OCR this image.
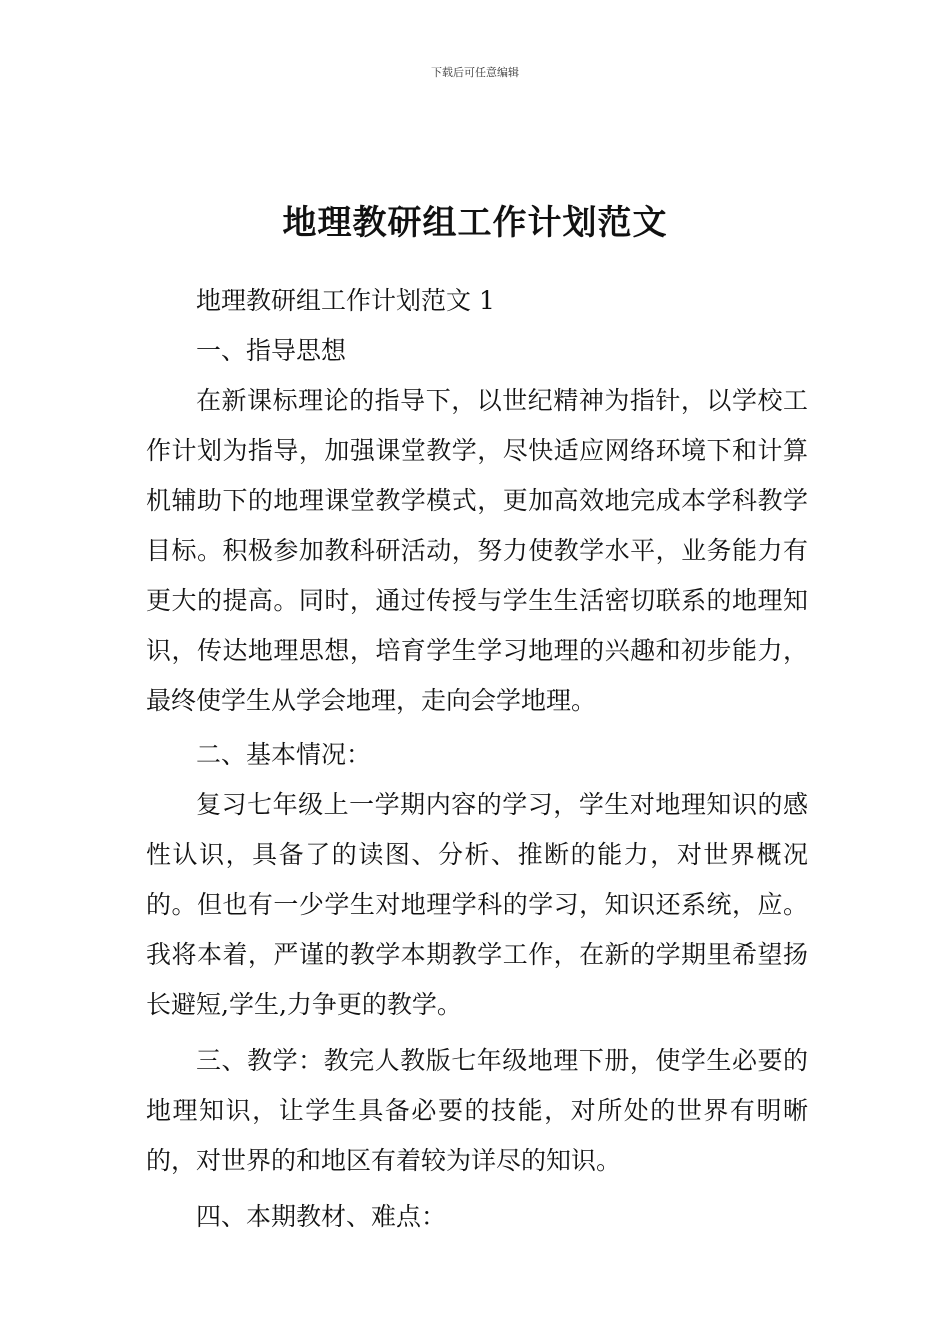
下载后可任意编辑
地理教研组工作计划范文

地理教研组工作计划范文 1

一、指导思想

在新课标理论的指导下，以世纪精神为指针，以学校工作计划为指导，加强课堂教学，尽快适应网络环境下和计算机辅助下的地理课堂教学模式，更加高效地完成本学科教学目标。积极参加教科研活动，努力使教学水平，业务能力有更大的提高。同时，通过传授与学生生活密切联系的地理知识，传达地理思想，培育学生学习地理的兴趣和初步能力，最终使学生从学会地理，走向会学地理。

二、基本情况：

复习七年级上一学期内容的学习，学生对地理知识的感性认识，具备了的读图、分析、推断的能力，对世界概况的。但也有一少学生对地理学科的学习，知识还系统，应。我将本着，严谨的教学本期教学工作，在新的学期里希望扬长避短,学生,力争更的教学。

三、教学：教完人教版七年级地理下册，使学生必要的地理知识，让学生具备必要的技能，对所处的世界有明晰的，对世界的和地区有着较为详尽的知识。

四、本期教材、难点：
